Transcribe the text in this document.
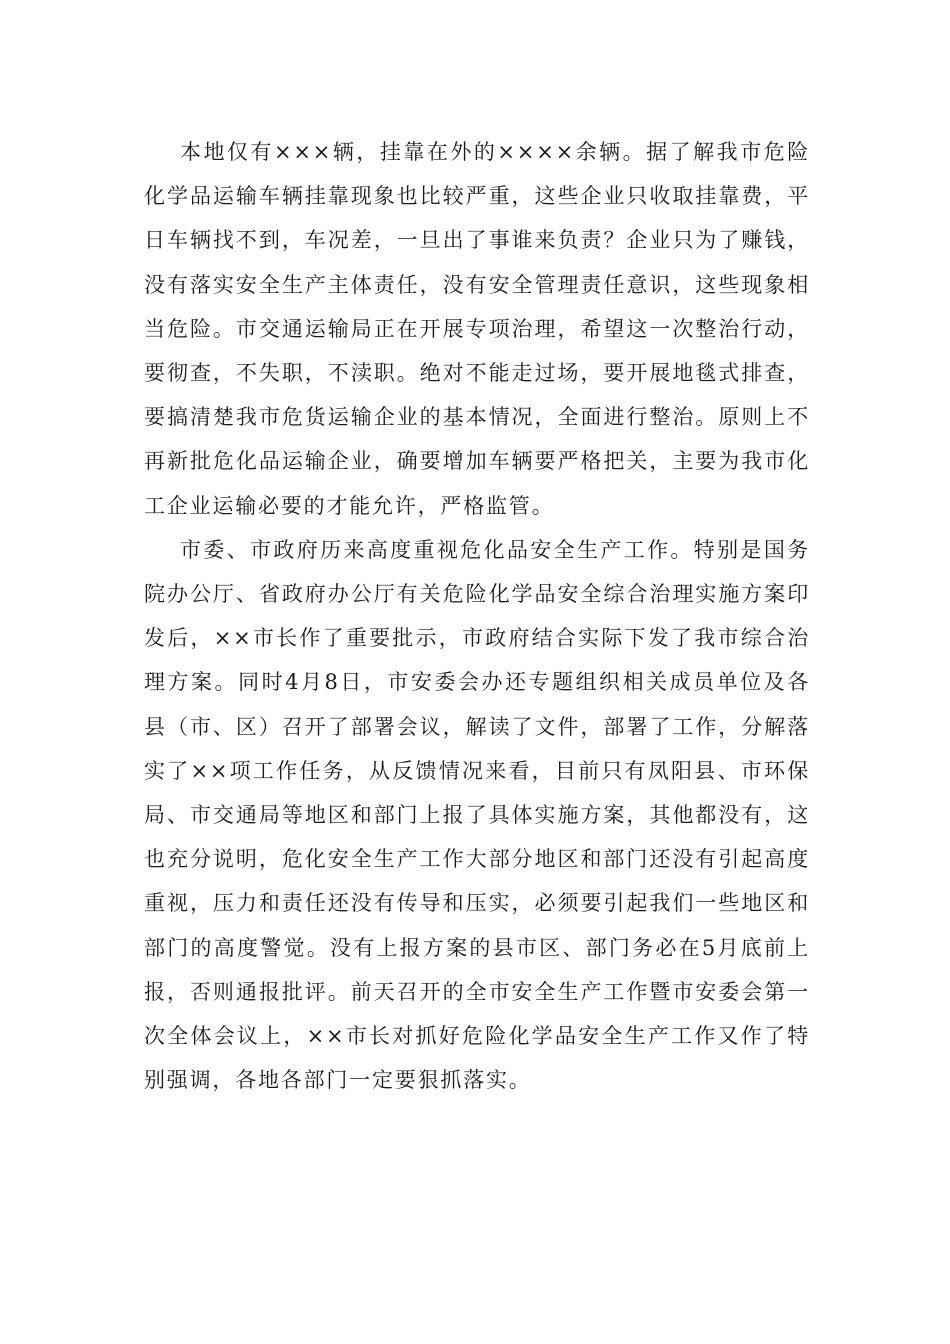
本地仅有×××辆，挂靠在外的××××余辆。据了解我市危险化学品运输车辆挂靠现象也比较严重，这些企业只收取挂靠费，平日车辆找不到，车况差，一旦出了事谁来负责？企业只为了赚钱，没有落实安全生产主体责任，没有安全管理责任意识，这些现象相当危险。市交通运输局正在开展专项治理，希望这一次整治行动，要彻查，不失职，不渎职。绝对不能走过场，要开展地毯式排查，要搞清楚我市危货运输企业的基本情况，全面进行整治。原则上不再新批危化品运输企业，确要增加车辆要严格把关，主要为我市化工企业运输必要的才能允许，严格监管。

市委、市政府历来高度重视危化品安全生产工作。特别是国务院办公厅、省政府办公厅有关危险化学品安全综合治理实施方案印发后，××市长作了重要批示，市政府结合实际下发了我市综合治理方案。同时4月8日，市安委会办还专题组织相关成员单位及各县（市、区）召开了部署会议，解读了文件，部署了工作，分解落实了××项工作任务，从反馈情况来看，目前只有凤阳县、市环保局、市交通局等地区和部门上报了具体实施方案，其他都没有，这也充分说明，危化安全生产工作大部分地区和部门还没有引起高度重视，压力和责任还没有传导和压实，必须要引起我们一些地区和部门的高度警觉。没有上报方案的县市区、部门务必在5月底前上报，否则通报批评。前天召开的全市安全生产工作暨市安委会第一次全体会议上，××市长对抓好危险化学品安全生产工作又作了特别强调，各地各部门一定要狠抓落实。
